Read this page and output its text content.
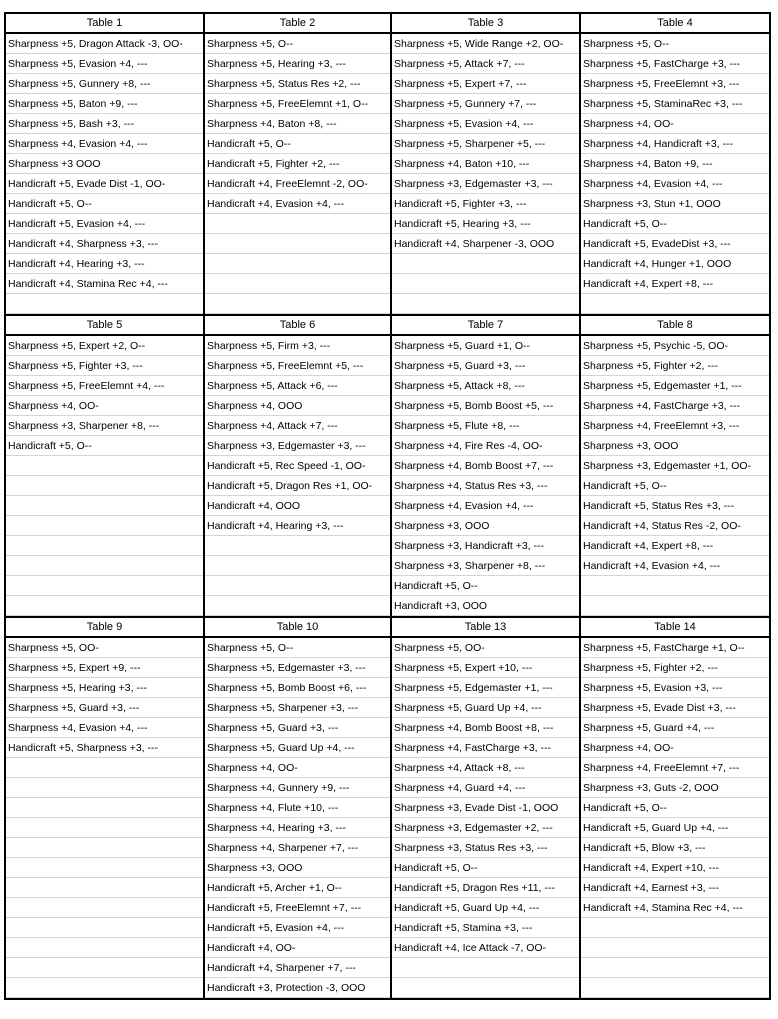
Table 1
Sharpness +5, Dragon Attack -3, OO-
Sharpness +5, Evasion +4, ---
Sharpness +5, Gunnery +8, ---
Sharpness +5, Baton +9, ---
Sharpness +5, Bash +3, ---
Sharpness +4, Evasion +4, ---
Sharpness +3 OOO
Handicraft +5, Evade Dist -1, OO-
Handicraft +5, O--
Handicraft +5, Evasion +4, ---
Handicraft +4, Sharpness +3, ---
Handicraft +4, Hearing +3, ---
Handicraft +4, Stamina Rec +4, ---
Table 2
Sharpness +5, O--
Sharpness +5, Hearing +3, ---
Sharpness +5, Status Res +2, ---
Sharpness +5, FreeElemnt +1, O--
Sharpness +4, Baton +8, ---
Handicraft +5, O--
Handicraft +5, Fighter +2, ---
Handicraft +4, FreeElemnt -2, OO-
Handicraft +4, Evasion +4, ---
Table 3
Sharpness +5, Wide Range +2, OO-
Sharpness +5, Attack +7, ---
Sharpness +5, Expert +7, ---
Sharpness +5, Gunnery +7, ---
Sharpness +5, Evasion +4, ---
Sharpness +5, Sharpener +5, ---
Sharpness +4, Baton +10, ---
Sharpness +3, Edgemaster +3, ---
Handicraft +5, Fighter +3, ---
Handicraft +5, Hearing +3, ---
Handicraft +4, Sharpener -3, OOO
Table 4
Sharpness +5, O--
Sharpness +5, FastCharge +3, ---
Sharpness +5, FreeElemnt +3, ---
Sharpness +5, StaminaRec +3, ---
Sharpness +4, OO-
Sharpness +4, Handicraft +3, ---
Sharpness +4, Baton +9, ---
Sharpness +4, Evasion +4, ---
Sharpness +3, Stun +1, OOO
Handicraft +5, O--
Handicraft +5, EvadeDist +3, ---
Handicraft +4, Hunger +1, OOO
Handicraft +4, Expert +8, ---
Table 5
Sharpness +5, Expert +2, O--
Sharpness +5, Fighter +3, ---
Sharpness +5, FreeElemnt +4, ---
Sharpness +4, OO-
Sharpness +3, Sharpener +8, ---
Handicraft +5, O--
Table 6
Sharpness +5, Firm +3, ---
Sharpness +5, FreeElemnt +5, ---
Sharpness +5, Attack +6, ---
Sharpness +4, OOO
Sharpness +4, Attack +7, ---
Sharpness +3, Edgemaster +3, ---
Handicraft +5, Rec Speed -1, OO-
Handicraft +5, Dragon Res +1, OO-
Handicraft +4, OOO
Handicraft +4, Hearing +3, ---
Table 7
Sharpness +5, Guard +1, O--
Sharpness +5, Guard +3, ---
Sharpness +5, Attack +8, ---
Sharpness +5, Bomb Boost +5, ---
Sharpness +5, Flute +8, ---
Sharpness +4, Fire Res -4, OO-
Sharpness +4, Bomb Boost +7, ---
Sharpness +4, Status Res +3, ---
Sharpness +4, Evasion +4, ---
Sharpness +3, OOO
Sharpness +3, Handicraft +3, ---
Sharpness +3, Sharpener +8, ---
Handicraft +5, O--
Handicraft +3, OOO
Table 8
Sharpness +5, Psychic -5, OO-
Sharpness +5, Fighter +2, ---
Sharpness +5, Edgemaster +1, ---
Sharpness +4, FastCharge +3, ---
Sharpness +4, FreeElemnt +3, ---
Sharpness +3, OOO
Sharpness +3, Edgemaster +1, OO-
Handicraft +5, O--
Handicraft +5, Status Res +3, ---
Handicraft +4, Status Res -2, OO-
Handicraft +4, Expert +8, ---
Handicraft +4, Evasion +4, ---
Table 9
Sharpness +5, OO-
Sharpness +5, Expert +9, ---
Sharpness +5, Hearing +3, ---
Sharpness +5, Guard +3, ---
Sharpness +4, Evasion +4, ---
Handicraft +5, Sharpness +3, ---
Table 10
Sharpness +5, O--
Sharpness +5, Edgemaster +3, ---
Sharpness +5, Bomb Boost +6, ---
Sharpness +5, Sharpener +3, ---
Sharpness +5, Guard +3, ---
Sharpness +5, Guard Up +4, ---
Sharpness +4, OO-
Sharpness +4, Gunnery +9, ---
Sharpness +4, Flute +10, ---
Sharpness +4, Hearing +3, ---
Sharpness +4, Sharpener +7, ---
Sharpness +3, OOO
Handicraft +5, Archer +1, O--
Handicraft +5, FreeElemnt +7, ---
Handicraft +5, Evasion +4, ---
Handicraft +4, OO-
Handicraft +4, Sharpener +7, ---
Handicraft +3, Protection -3, OOO
Table 13
Sharpness +5, OO-
Sharpness +5, Expert +10, ---
Sharpness +5, Edgemaster +1, ---
Sharpness +5, Guard Up +4, ---
Sharpness +4, Bomb Boost +8, ---
Sharpness +4, FastCharge +3, ---
Sharpness +4, Attack +8, ---
Sharpness +4, Guard +4, ---
Sharpness +3, Evade Dist -1, OOO
Sharpness +3, Edgemaster +2, ---
Sharpness +3, Status Res +3, ---
Handicraft +5, O--
Handicraft +5, Dragon Res +11, ---
Handicraft +5, Guard Up +4, ---
Handicraft +5, Stamina +3, ---
Handicraft +4, Ice Attack -7, OO-
Table 14
Sharpness +5, FastCharge +1, O--
Sharpness +5, Fighter +2, ---
Sharpness +5, Evasion +3, ---
Sharpness +5, Evade Dist +3, ---
Sharpness +5, Guard +4, ---
Sharpness +4, OO-
Sharpness +4, FreeElemnt +7, ---
Sharpness +3, Guts -2, OOO
Handicraft +5, O--
Handicraft +5, Guard Up +4, ---
Handicraft +5, Blow +3, ---
Handicraft +4, Expert +10, ---
Handicraft +4, Earnest +3, ---
Handicraft +4, Stamina Rec +4, ---
